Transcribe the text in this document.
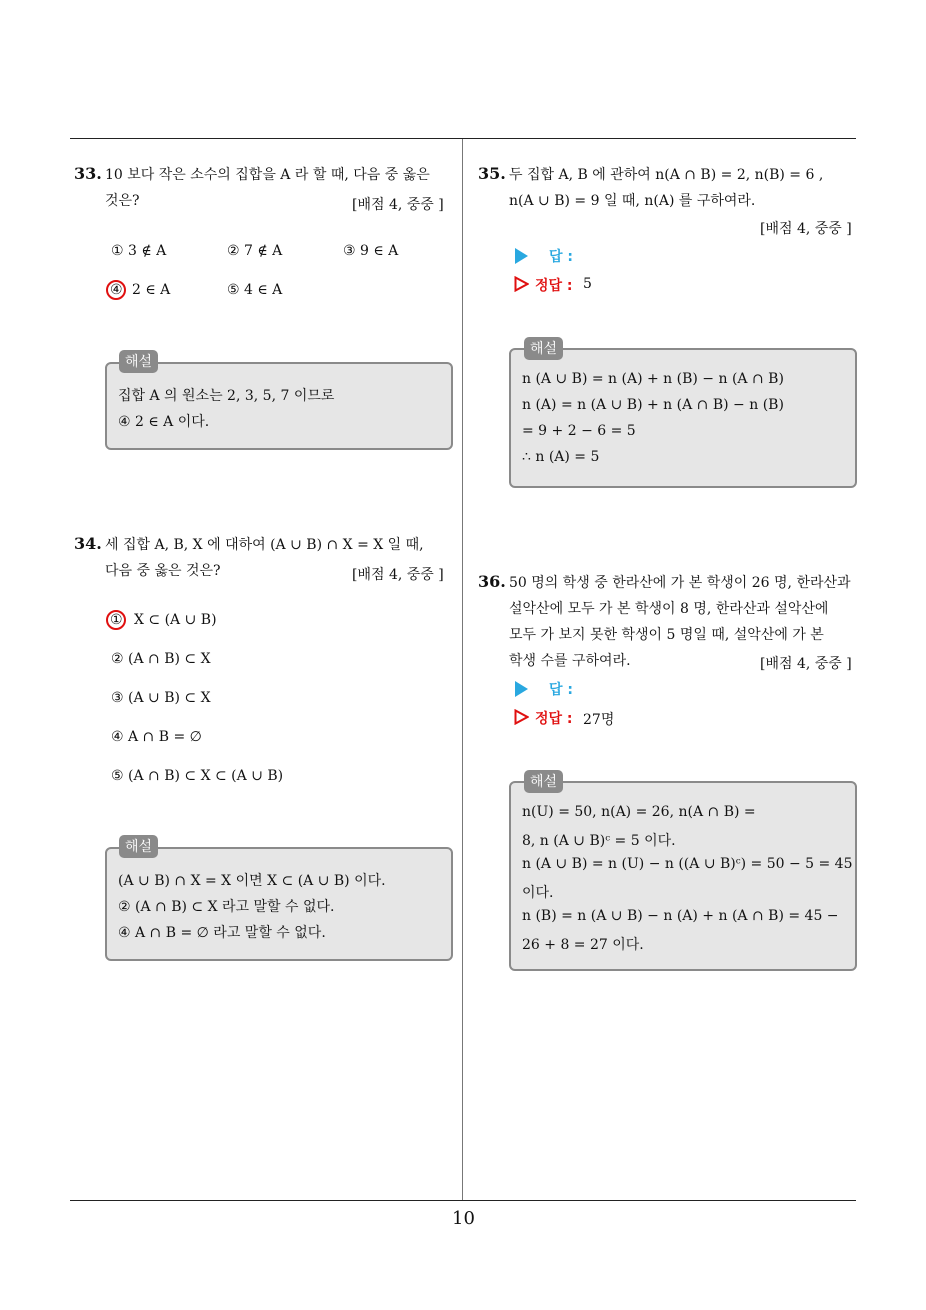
33. 10 보다 작은 소수의 집합을 A 라 할 때, 다음 중 옳은
것은?	[배점 4, 중중 ]
① 3 ∉ A	② 7 ∉ A	③ 9 ∈ A
④ 2 ∈ A	⑤ 4 ∈ A
해설
집합 A 의 원소는 2, 3, 5, 7 이므로
④ 2 ∈ A 이다.
34. 세 집합 A, B, X 에 대하여 (A ∪ B) ∩ X = X 일 때,
다음 중 옳은 것은?	[배점 4, 중중 ]
① X ⊂ (A ∪ B)
② (A ∩ B) ⊂ X
③ (A ∪ B) ⊂ X
④ A ∩ B = ∅
⑤ (A ∩ B) ⊂ X ⊂ (A ∪ B)
해설
(A ∪ B) ∩ X = X 이면 X ⊂ (A ∪ B) 이다.
② (A ∩ B) ⊂ X 라고 말할 수 없다.
④ A ∩ B = ∅ 라고 말할 수 없다.
35. 두 집합 A, B 에 관하여 n(A ∩ B) = 2, n(B) = 6 ,
n(A ∪ B) = 9 일 때, n(A) 를 구하여라.
[배점 4, 중중 ]
답 :
정답 : 5
해설
n (A ∪ B) = n (A) + n (B) − n (A ∩ B)
n (A) = n (A ∪ B) + n (A ∩ B) − n (B)
= 9 + 2 − 6 = 5
∴ n (A) = 5
36. 50 명의 학생 중 한라산에 가 본 학생이 26 명, 한라산과
설악산에 모두 가 본 학생이 8 명, 한라산과 설악산에
모두 가 보지 못한 학생이 5 명일 때, 설악산에 가 본
학생 수를 구하여라.	[배점 4, 중중 ]
답 :
정답 : 27명
해설
n(U) = 50, n(A) = 26, n(A ∩ B) =
8, n (A ∪ B)ᶜ = 5 이다.
n (A ∪ B) = n (U) − n ((A ∪ B)ᶜ) = 50 − 5 = 45
이다.
n (B) = n (A ∪ B) − n (A) + n (A ∩ B) = 45 −
26 + 8 = 27 이다.
10
